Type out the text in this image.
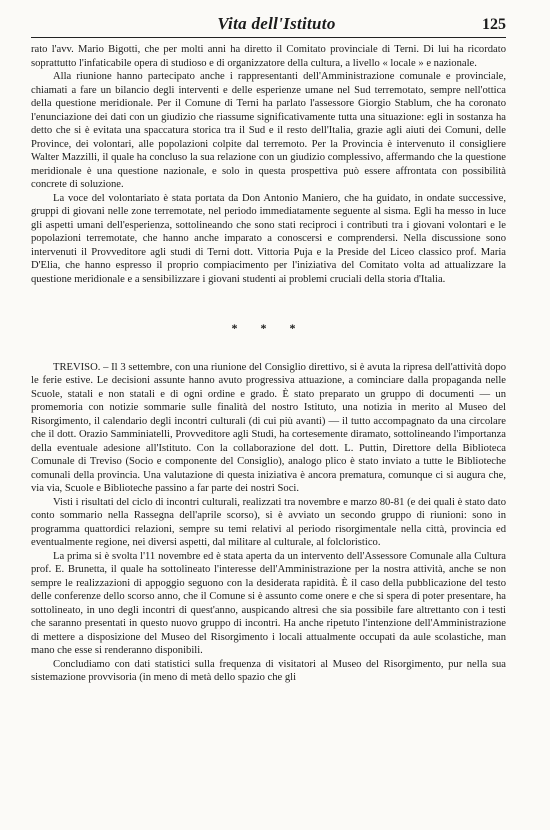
Vita dell'Istituto	125

rato l'avv. Mario Bigotti, che per molti anni ha diretto il Comitato provinciale di Terni. Di lui ha ricordato soprattutto l'infaticabile opera di studioso e di organizzatore della cultura, a livello « locale » e nazionale.

Alla riunione hanno partecipato anche i rappresentanti dell'Amministrazione comunale e provinciale, chiamati a fare un bilancio degli interventi e delle esperienze umane nel Sud terremotato, sempre nell'ottica della questione meridionale. Per il Comune di Terni ha parlato l'assessore Giorgio Stablum, che ha coronato l'enunciazione dei dati con un giudizio che riassume significativamente tutta una situazione: egli in sostanza ha detto che si è evitata una spaccatura storica tra il Sud e il resto dell'Italia, grazie agli aiuti dei Comuni, delle Province, dei volontari, alle popolazioni colpite dal terremoto. Per la Provincia è intervenuto il consigliere Walter Mazzilli, il quale ha concluso la sua relazione con un giudizio complessivo, affermando che la questione meridionale è una questione nazionale, e solo in questa prospettiva può essere affrontata con possibilità concrete di soluzione.

La voce del volontariato è stata portata da Don Antonio Maniero, che ha guidato, in ondate successive, gruppi di giovani nelle zone terremotate, nel periodo immediatamente seguente al sisma. Egli ha messo in luce gli aspetti umani dell'esperienza, sottolineando che sono stati reciproci i contributi tra i giovani volontari e le popolazioni terremotate, che hanno anche imparato a conoscersi e comprendersi. Nella discussione sono intervenuti il Provveditore agli studi di Terni dott. Vittoria Puja e la Preside del Liceo classico prof. Maria D'Elia, che hanno espresso il proprio compiacimento per l'iniziativa del Comitato volta ad attualizzare la questione meridionale e a sensibilizzare i giovani studenti ai problemi cruciali della storia d'Italia.

* * *

TREVISO. – Il 3 settembre, con una riunione del Consiglio direttivo, si è avuta la ripresa dell'attività dopo le ferie estive. Le decisioni assunte hanno avuto progressiva attuazione, a cominciare dalla propaganda nelle Scuole, statali e non statali e di ogni ordine e grado. È stato preparato un gruppo di documenti — un promemoria con notizie sommarie sulle finalità del nostro Istituto, una notizia in merito al Museo del Risorgimento, il calendario degli incontri culturali (di cui più avanti) — il tutto accompagnato da una circolare che il dott. Orazio Samminiatelli, Provveditore agli Studi, ha cortesemente diramato, sottolineando l'importanza della eventuale adesione all'Istituto. Con la collaborazione del dott. L. Puttin, Direttore della Biblioteca Comunale di Treviso (Socio e componente del Consiglio), analogo plico è stato inviato a tutte le Biblioteche comunali della provincia. Una valutazione di questa iniziativa è ancora prematura, comunque ci si augura che, via via, Scuole e Biblioteche passino a far parte dei nostri Soci.

Visti i risultati del ciclo di incontri culturali, realizzati tra novembre e marzo 80-81 (e dei quali è stato dato conto sommario nella Rassegna dell'aprile scorso), si è avviato un secondo gruppo di riunioni: sono in programma quattordici relazioni, sempre su temi relativi al periodo risorgimentale nella città, provincia ed eventualmente regione, nei diversi aspetti, dal militare al culturale, al folcloristico.

La prima si è svolta l'11 novembre ed è stata aperta da un intervento dell'Assessore Comunale alla Cultura prof. E. Brunetta, il quale ha sottolineato l'interesse dell'Amministrazione per la nostra attività, anche se non sempre le realizzazioni di appoggio seguono con la desiderata rapidità. È il caso della pubblicazione del testo delle conferenze dello scorso anno, che il Comune si è assunto come onere e che si spera di poter presentare, ha sottolineato, in uno degli incontri di quest'anno, auspicando altresì che sia possibile fare altrettanto con i testi che saranno presentati in questo nuovo gruppo di incontri. Ha anche ripetuto l'intenzione dell'Amministrazione di mettere a disposizione del Museo del Risorgimento i locali attualmente occupati da aule scolastiche, man mano che esse si renderanno disponibili.

Concludiamo con dati statistici sulla frequenza di visitatori al Museo del Risorgimento, pur nella sua sistemazione provvisoria (in meno di metà dello spazio che gli
